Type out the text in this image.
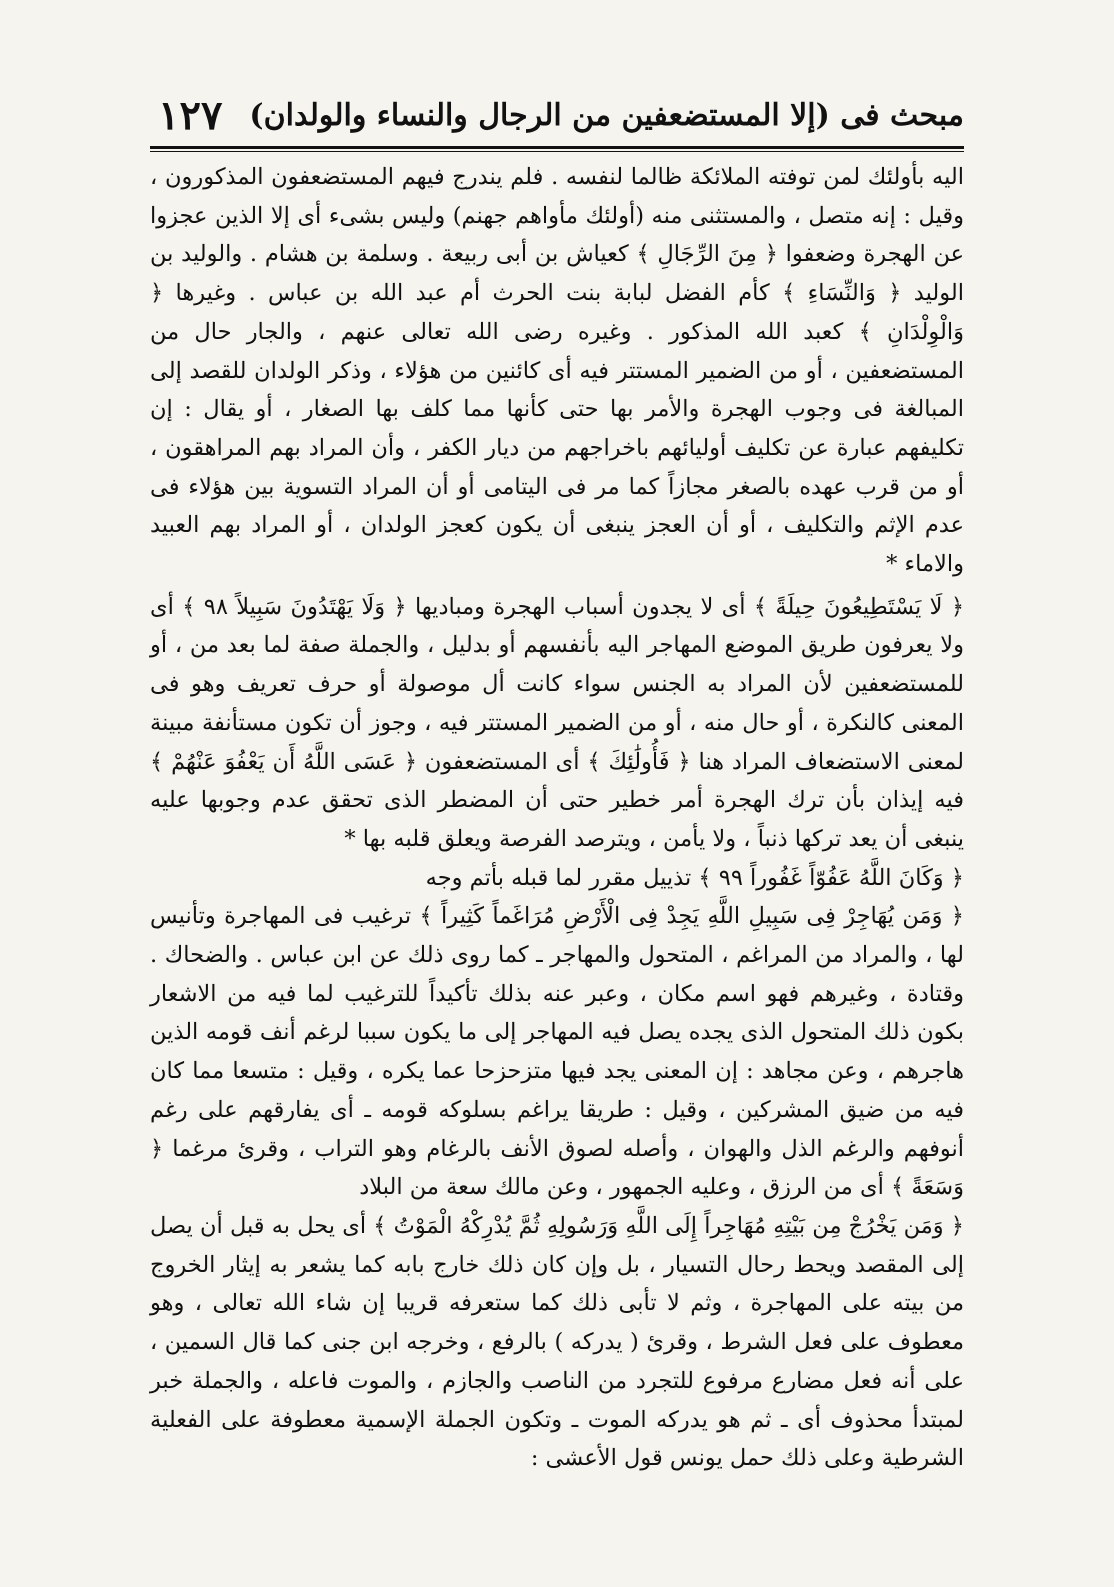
مبحث فى (إلا المستضعفين من الرجال والنساء والولدان)
١٢٧

اليه بأولئك لمن توفته الملائكة ظالما لنفسه . فلم يندرج فيهم المستضعفون المذكورون ، وقيل : إنه متصل ، والمستثنى منه (أولئك مأواهم جهنم) وليس بشىء أى إلا الذين عجزوا عن الهجرة وضعفوا ﴿ مِنَ الرِّجَالِ ﴾ كعياش بن أبى ربيعة . وسلمة بن هشام . والوليد بن الوليد ﴿ وَالنِّسَاءِ ﴾ كأم الفضل لبابة بنت الحرث أم عبد الله بن عباس . وغيرها ﴿ وَالْوِلْدَانِ ﴾ كعبد الله المذكور . وغيره رضى الله تعالى عنهم ، والجار حال من المستضعفين ، أو من الضمير المستتر فيه أى كائنين من هؤلاء ، وذكر الولدان للقصد إلى المبالغة فى وجوب الهجرة والأمر بها حتى كأنها مما كلف بها الصغار ، أو يقال : إن تكليفهم عبارة عن تكليف أوليائهم باخراجهم من ديار الكفر ، وأن المراد بهم المراهقون ، أو من قرب عهده بالصغر مجازاً كما مر فى اليتامى أو أن المراد التسوية بين هؤلاء فى عدم الإثم والتكليف ، أو أن العجز ينبغى أن يكون كعجز الولدان ، أو المراد بهم العبيد والاماء *

﴿ لَا يَسْتَطِيعُونَ حِيلَةً ﴾ أى لا يجدون أسباب الهجرة ومباديها ﴿ وَلَا يَهْتَدُونَ سَبِيلاً ٩٨ ﴾ أى ولا يعرفون طريق الموضع المهاجر اليه بأنفسهم أو بدليل ، والجملة صفة لما بعد من ، أو للمستضعفين لأن المراد به الجنس سواء كانت أل موصولة أو حرف تعريف وهو فى المعنى كالنكرة ، أو حال منه ، أو من الضمير المستتر فيه ، وجوز أن تكون مستأنفة مبينة لمعنى الاستضعاف المراد هنا ﴿ فَأُولَٰئِكَ ﴾ أى المستضعفون ﴿ عَسَى اللَّهُ أَن يَعْفُوَ عَنْهُمْ ﴾ فيه إيذان بأن ترك الهجرة أمر خطير حتى أن المضطر الذى تحقق عدم وجوبها عليه ينبغى أن يعد تركها ذنباً ، ولا يأمن ، ويترصد الفرصة ويعلق قلبه بها *

﴿ وَكَانَ اللَّهُ عَفُوّاً غَفُوراً ٩٩ ﴾ تذييل مقرر لما قبله بأتم وجه

﴿ وَمَن يُهَاجِرْ فِى سَبِيلِ اللَّهِ يَجِدْ فِى الْأَرْضِ مُرَاغَماً كَثِيراً ﴾ ترغيب فى المهاجرة وتأنيس لها ، والمراد من المراغم ، المتحول والمهاجر ـ كما روى ذلك عن ابن عباس . والضحاك . وقتادة ، وغيرهم فهو اسم مكان ، وعبر عنه بذلك تأكيداً للترغيب لما فيه من الاشعار بكون ذلك المتحول الذى يجده يصل فيه المهاجر إلى ما يكون سببا لرغم أنف قومه الذين هاجرهم ، وعن مجاهد : إن المعنى يجد فيها متزحزحا عما يكره ، وقيل : متسعا مما كان فيه من ضيق المشركين ، وقيل : طريقا يراغم بسلوكه قومه ـ أى يفارقهم على رغم أنوفهم والرغم الذل والهوان ، وأصله لصوق الأنف بالرغام وهو التراب ، وقرئ مرغما ﴿ وَسَعَةً ﴾ أى من الرزق ، وعليه الجمهور ، وعن مالك سعة من البلاد

﴿ وَمَن يَخْرُجْ مِن بَيْتِهِ مُهَاجِراً إِلَى اللَّهِ وَرَسُولِهِ ثُمَّ يُدْرِكْهُ الْمَوْتُ ﴾ أى يحل به قبل أن يصل إلى المقصد ويحط رحال التسيار ، بل وإن كان ذلك خارج بابه كما يشعر به إيثار الخروج من بيته على المهاجرة ، وثم لا تأبى ذلك كما ستعرفه قريبا إن شاء الله تعالى ، وهو معطوف على فعل الشرط ، وقرئ ( يدركه ) بالرفع ، وخرجه ابن جنى كما قال السمين ، على أنه فعل مضارع مرفوع للتجرد من الناصب والجازم ، والموت فاعله ، والجملة خبر لمبتدأ محذوف أى ـ ثم هو يدركه الموت ـ وتكون الجملة الإسمية معطوفة على الفعلية الشرطية وعلى ذلك حمل يونس قول الأعشى :
